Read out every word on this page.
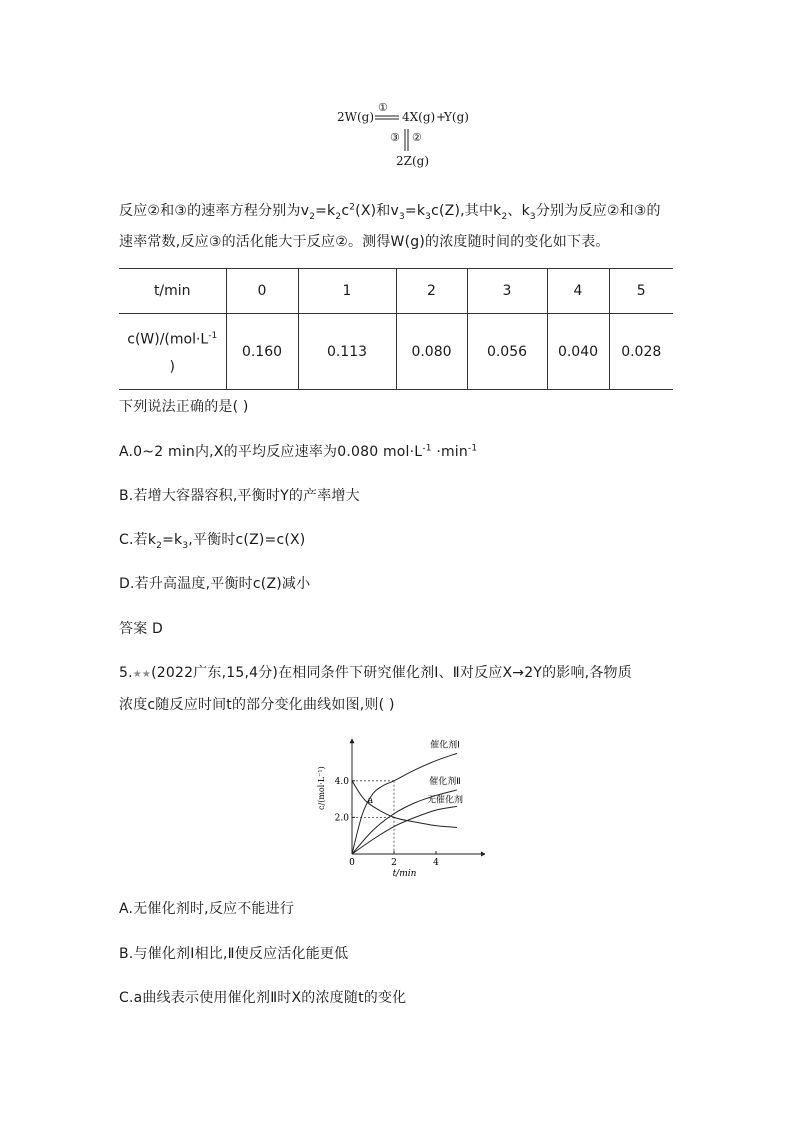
2W(g)
①
4X(g) +
Y(g)
③ ②
2Z(g)
反应②和③的速率方程分别为$v_2=k_2c^2(X)$和$v_3=k_3c(Z)$,其中$k_2$、$k_3$分别为反应②和③的
速率常数,反应③的活化能大于反应②。测得W(g)的浓度随时间的变化如下表。
t/min	0	1	2	3	4	5
$c(W)/(mol\cdot L^{-1}$
)	0.160	0.113	0.080	0.056	0.040	0.028
下列说法正确的是( )
A.0~2 min内,X的平均反应速率为0.080 $mol\cdot L^{-1} \cdot\min^{-1}$
B.若增大容器容积,平衡时Y的产率增大
C.若$k_2=k_3$,平衡时c(Z)=c(X)
D.若升高温度,平衡时c(Z)减小
答案 D
5.★★(2022广东,15,4分)在相同条件下研究催化剂Ⅰ、Ⅱ对反应X→2Y的影响,各物质
浓度c随反应时间t的部分变化曲线如图,则( )
0	2	4
2.0
4.0
t/min
c/(mol·L⁻¹)
催化剂Ⅰ
催化剂Ⅱ
无催化剂
a
A.无催化剂时,反应不能进行
B.与催化剂Ⅰ相比,Ⅱ使反应活化能更低
C.a曲线表示使用催化剂Ⅱ时X的浓度随t的变化
